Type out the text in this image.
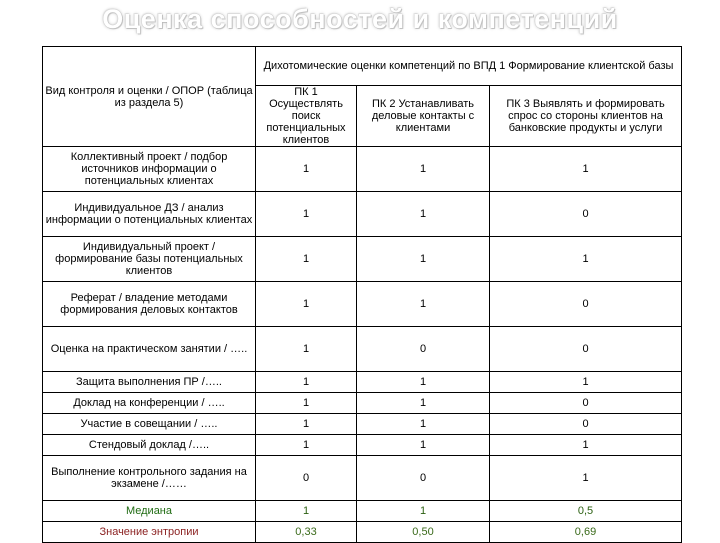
Оценка способностей и компетенций
Вид контроля и оценки / ОПОР (таблица из раздела 5)	Дихотомические оценки компетенций по ВПД 1 Формирование клиентской базы		
	ПК 1 Осуществлять поиск потенциальных клиентов	ПК 2 Устанавливать деловые контакты с клиентами	ПК 3 Выявлять и формировать спрос со стороны клиентов на банковские продукты и услуги
Коллективный проект / подбор источников информации о потенциальных клиентах	1	1	1
Индивидуальное ДЗ / анализ информации о потенциальных клиентах	1	1	0
Индивидуальный проект / формирование базы потенциальных клиентов	1	1	1
Реферат / владение методами формирования деловых контактов	1	1	0
Оценка на практическом занятии / …..	1	0	0
Защита выполнения ПР /…..	1	1	1
Доклад на конференции / …..	1	1	0
Участие в совещании / …..	1	1	0
Стендовый доклад /…..	1	1	1
Выполнение контрольного задания на экзамене /……	0	0	1
Медиана	1	1	0,5
Значение энтропии	0,33	0,50	0,69
